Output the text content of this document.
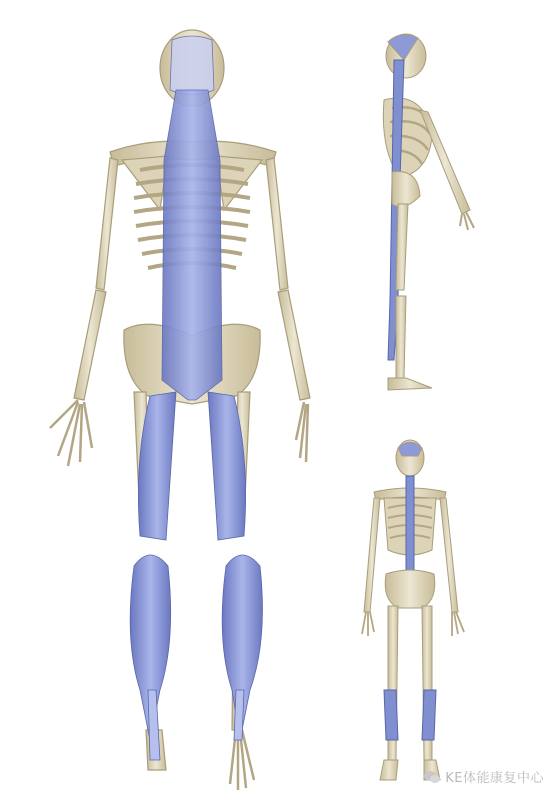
KE体能康复中心
